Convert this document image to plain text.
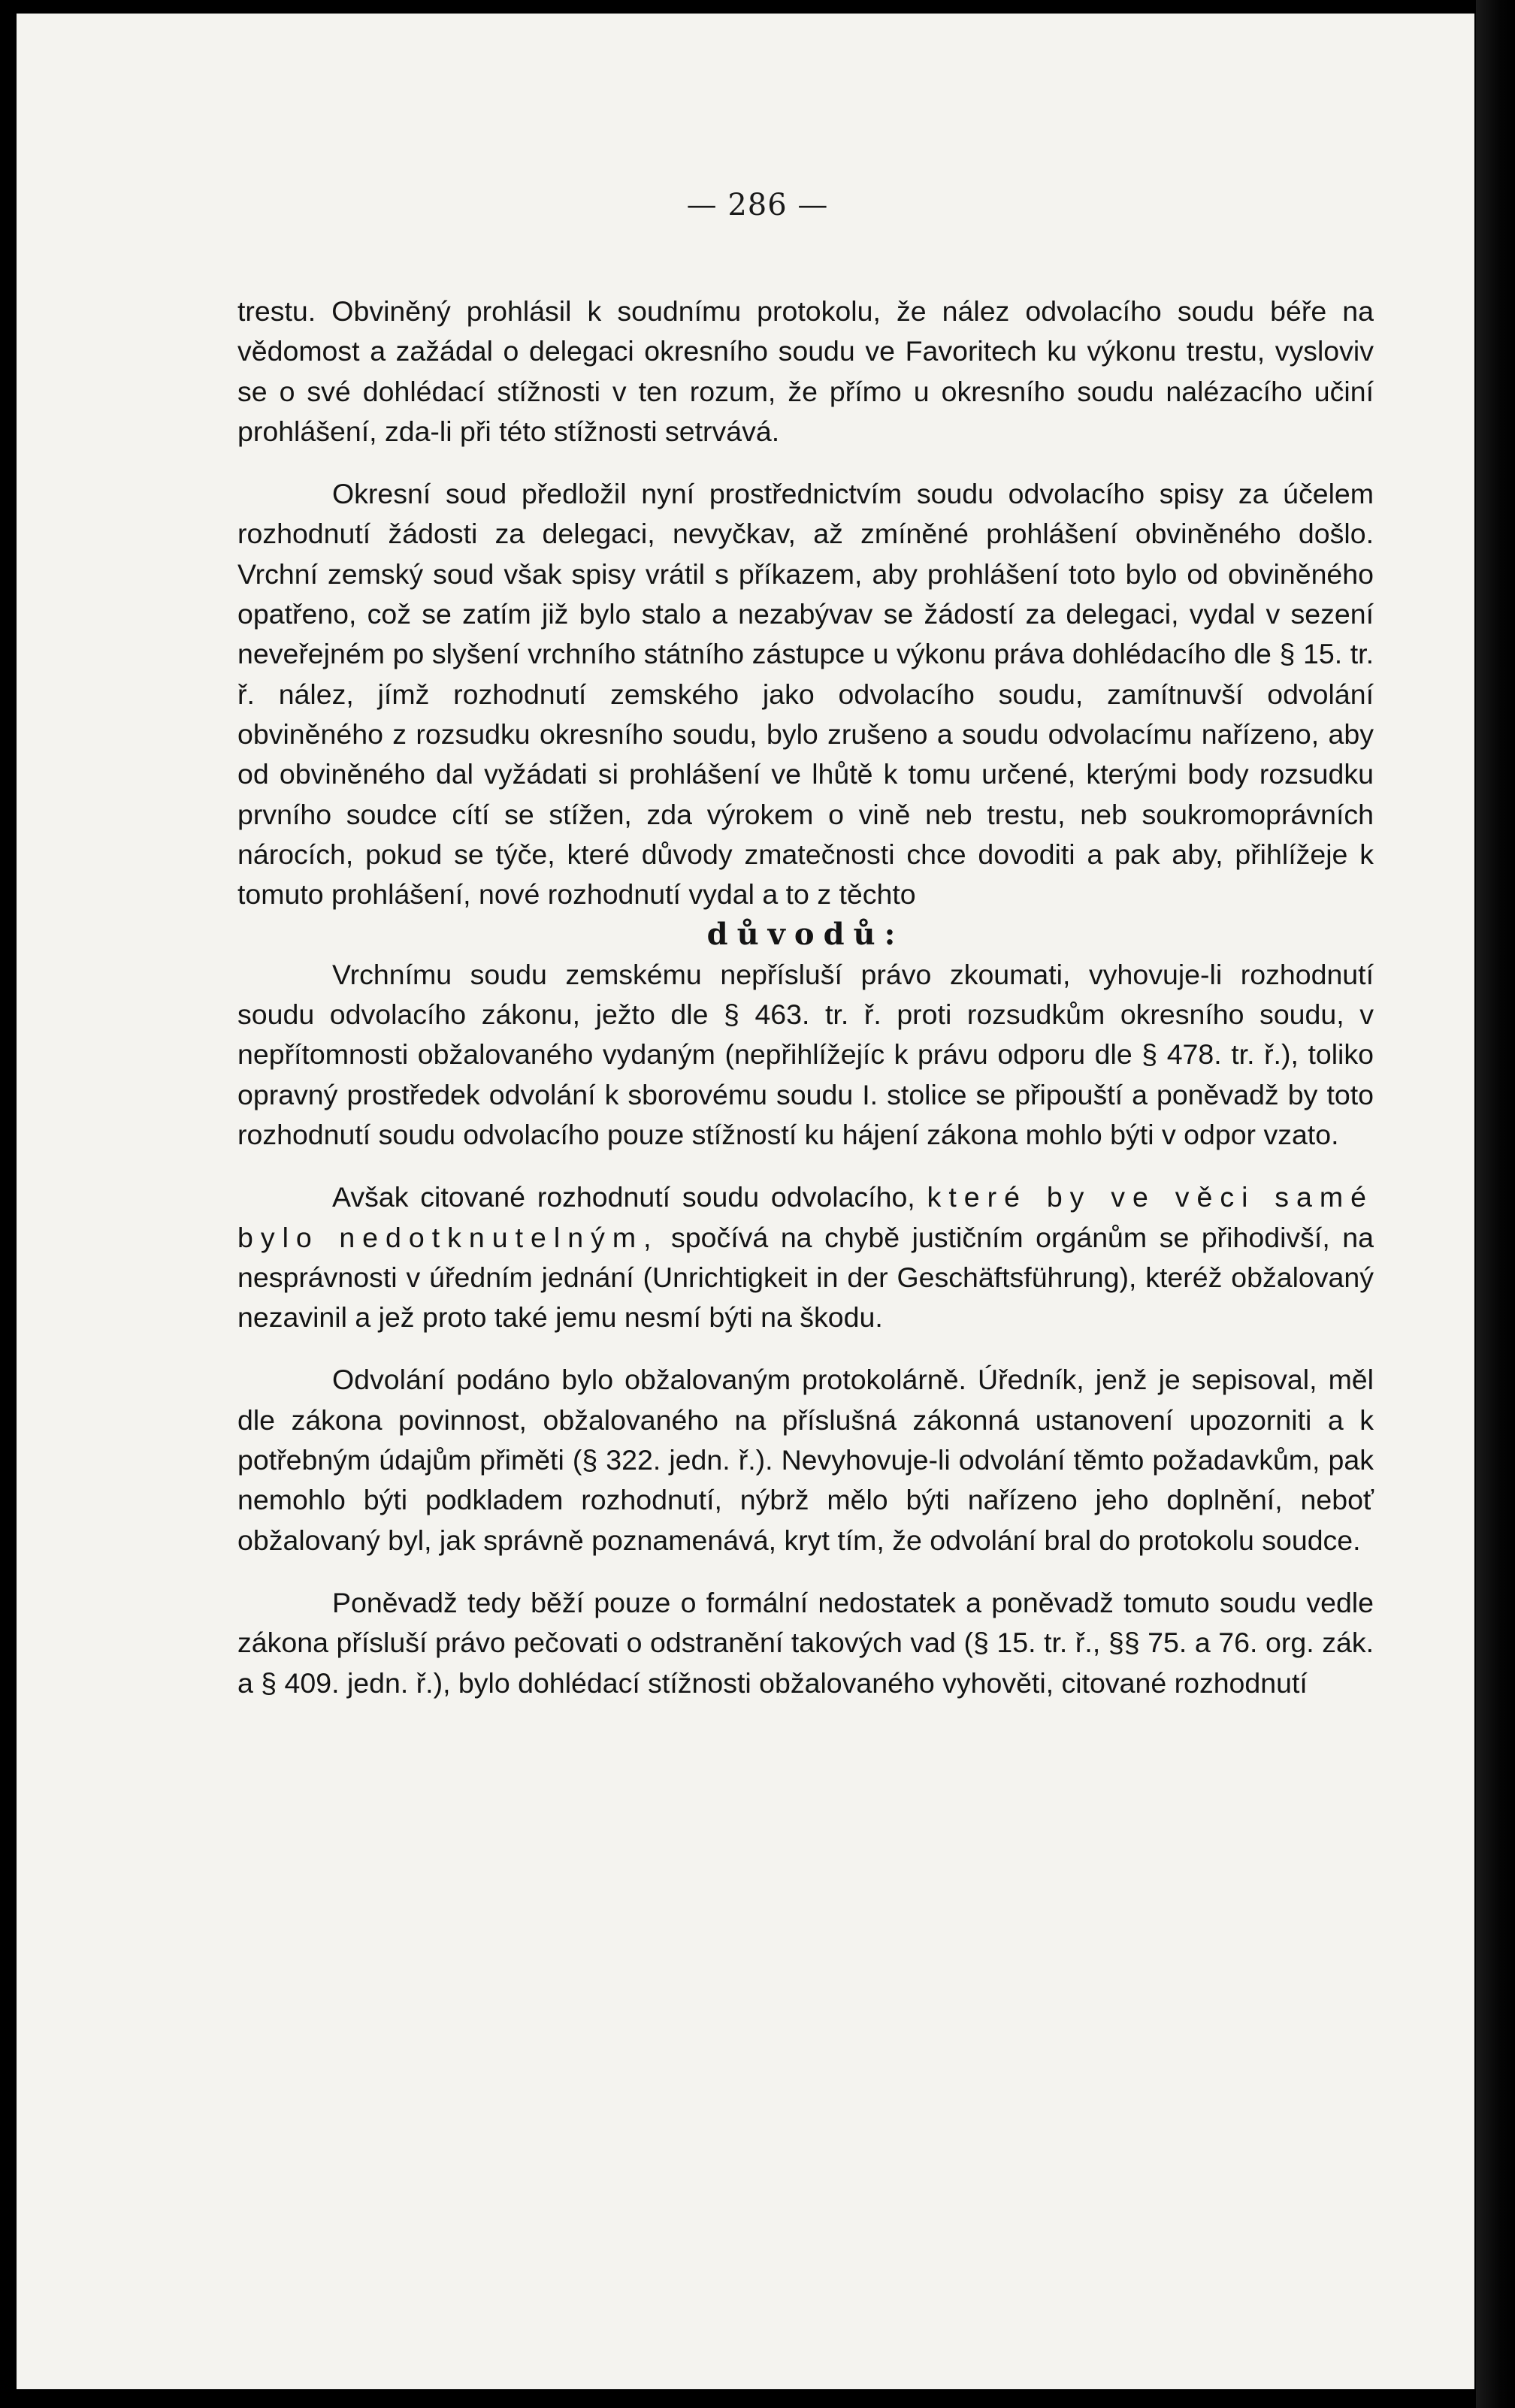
— 286 —

trestu. Obviněný prohlásil k soudnímu protokolu, že nález odvolacího soudu béře na vědomost a zažádal o delegaci okresního soudu ve Favoritech ku výkonu trestu, vysloviv se o své dohlédací stížnosti v ten rozum, že přímo u okresního soudu nalézacího učiní prohlášení, zda-li při této stížnosti setrvává.

Okresní soud předložil nyní prostřednictvím soudu odvolacího spisy za účelem rozhodnutí žádosti za delegaci, nevyčkav, až zmíněné prohlášení obviněného došlo. Vrchní zemský soud však spisy vrátil s příkazem, aby prohlášení toto bylo od obviněného opatřeno, což se zatím již bylo stalo a nezabývav se žádostí za delegaci, vydal v sezení neveřejném po slyšení vrchního státního zástupce u výkonu práva dohlédacího dle § 15. tr. ř. nález, jímž rozhodnutí zemského jako odvolacího soudu, zamítnuvší odvolání obviněného z rozsudku okresního soudu, bylo zrušeno a soudu odvolacímu nařízeno, aby od obviněného dal vyžádati si prohlášení ve lhůtě k tomu určené, kterými body rozsudku prvního soudce cítí se stížen, zda výrokem o vině neb trestu, neb soukromoprávních nárocích, pokud se týče, které důvody zmatečnosti chce dovoditi a pak aby, přihlížeje k tomuto prohlášení, nové rozhodnutí vydal a to z těchto

důvodů:

Vrchnímu soudu zemskému nepřísluší právo zkoumati, vyhovuje-li rozhodnutí soudu odvolacího zákonu, ježto dle § 463. tr. ř. proti rozsudkům okresního soudu, v nepřítomnosti obžalovaného vydaným (nepřihlížejíc k právu odporu dle § 478. tr. ř.), toliko opravný prostředek odvolání k sborovému soudu I. stolice se připouští a poněvadž by toto rozhodnutí soudu odvolacího pouze stížností ku hájení zákona mohlo býti v odpor vzato.

Avšak citované rozhodnutí soudu odvolacího, které by ve věci samé bylo nedotknutelným, spočívá na chybě justičním orgánům se přihodivší, na nesprávnosti v úředním jednání (Unrichtigkeit in der Geschäftsführung), kteréž obžalovaný nezavinil a jež proto také jemu nesmí býti na škodu.

Odvolání podáno bylo obžalovaným protokolárně. Úředník, jenž je sepisoval, měl dle zákona povinnost, obžalovaného na příslušná zákonná ustanovení upozorniti a k potřebným údajům přiměti (§ 322. jedn. ř.). Nevyhovuje-li odvolání těmto požadavkům, pak nemohlo býti podkladem rozhodnutí, nýbrž mělo býti nařízeno jeho doplnění, neboť obžalovaný byl, jak správně poznamenává, kryt tím, že odvolání bral do protokolu soudce.

Poněvadž tedy běží pouze o formální nedostatek a poněvadž tomuto soudu vedle zákona přísluší právo pečovati o odstranění takových vad (§ 15. tr. ř., §§ 75. a 76. org. zák. a § 409. jedn. ř.), bylo dohlédací stížnosti obžalovaného vyhověti, citované rozhodnutí
